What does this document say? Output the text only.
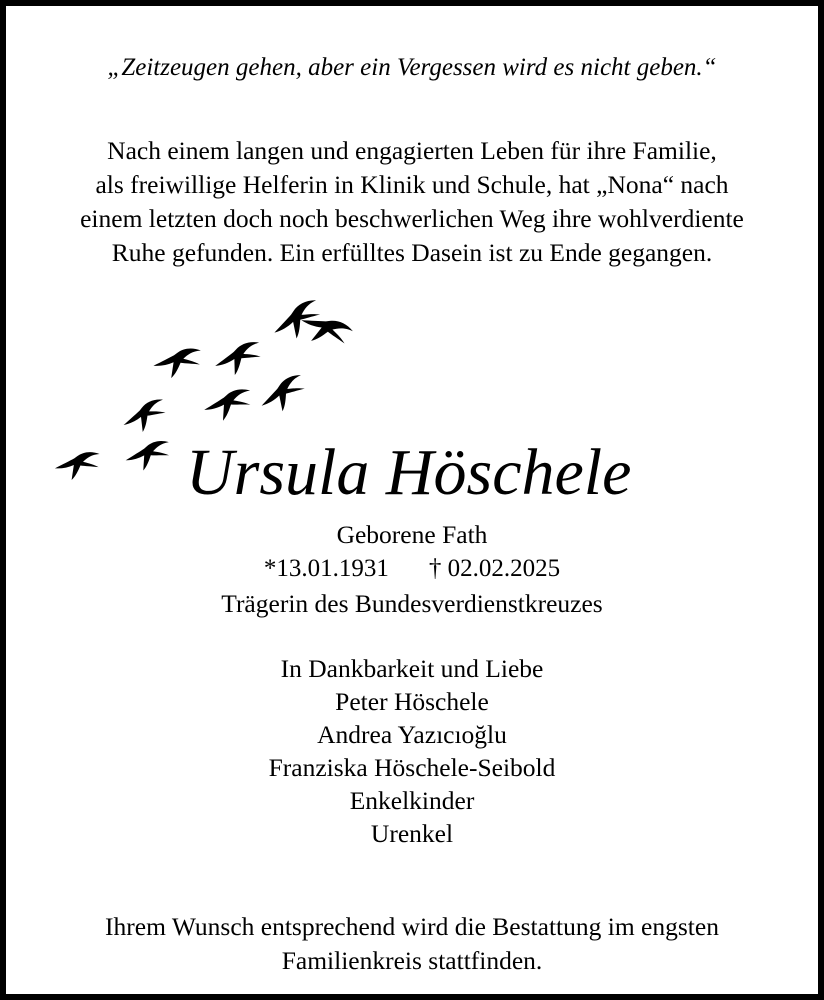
„Zeitzeugen gehen, aber ein Vergessen wird es nicht geben.“
Nach einem langen und engagierten Leben für ihre Familie,
als freiwillige Helferin in Klinik und Schule, hat „Nona“ nach
einem letzten doch noch beschwerlichen Weg ihre wohlverdiente
Ruhe gefunden. Ein erfülltes Dasein ist zu Ende gegangen.
Ursula Höschele
Geborene Fath
*13.01.1931 † 02.02.2025
Trägerin des Bundesverdienstkreuzes
In Dankbarkeit und Liebe
Peter Höschele
Andrea Yazıcıoğlu
Franziska Höschele-Seibold
Enkelkinder
Urenkel
Ihrem Wunsch entsprechend wird die Bestattung im engsten
Familienkreis stattfinden.
